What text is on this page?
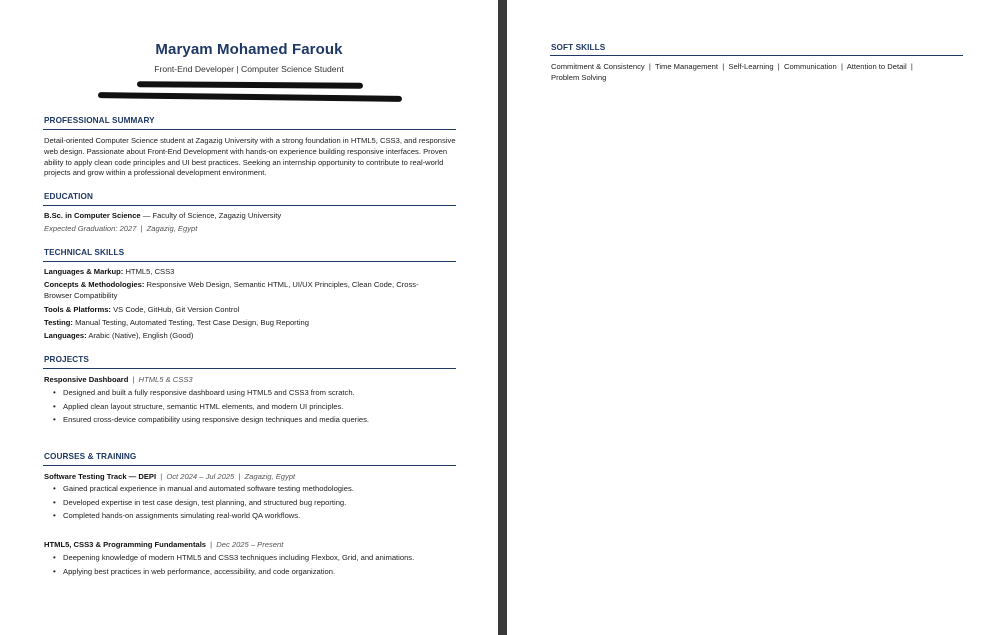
Maryam Mohamed Farouk
Front-End Developer | Computer Science Student
PROFESSIONAL SUMMARY
Detail-oriented Computer Science student at Zagazig University with a strong foundation in HTML5, CSS3, and responsive web design. Passionate about Front-End Development with hands-on experience building responsive interfaces. Proven ability to apply clean code principles and UI best practices. Seeking an internship opportunity to contribute to real-world projects and grow within a professional development environment.
EDUCATION
B.Sc. in Computer Science — Faculty of Science, Zagazig University
Expected Graduation: 2027 | Zagazig, Egypt
TECHNICAL SKILLS
Languages & Markup: HTML5, CSS3
Concepts & Methodologies: Responsive Web Design, Semantic HTML, UI/UX Principles, Clean Code, Cross-
Browser Compatibility
Tools & Platforms: VS Code, GitHub, Git Version Control
Testing: Manual Testing, Automated Testing, Test Case Design, Bug Reporting
Languages: Arabic (Native), English (Good)
PROJECTS
Responsive Dashboard | HTML5 & CSS3
• Designed and built a fully responsive dashboard using HTML5 and CSS3 from scratch.
• Applied clean layout structure, semantic HTML elements, and modern UI principles.
• Ensured cross-device compatibility using responsive design techniques and media queries.
COURSES & TRAINING
Software Testing Track — DEPI | Oct 2024 – Jul 2025 | Zagazig, Egypt
• Gained practical experience in manual and automated software testing methodologies.
• Developed expertise in test case design, test planning, and structured bug reporting.
• Completed hands-on assignments simulating real-world QA workflows.
HTML5, CSS3 & Programming Fundamentals | Dec 2025 – Present
• Deepening knowledge of modern HTML5 and CSS3 techniques including Flexbox, Grid, and animations.
• Applying best practices in web performance, accessibility, and code organization.
SOFT SKILLS
Commitment & Consistency  |  Time Management  |  Self-Learning  |  Communication  |  Attention to Detail  |
Problem Solving
